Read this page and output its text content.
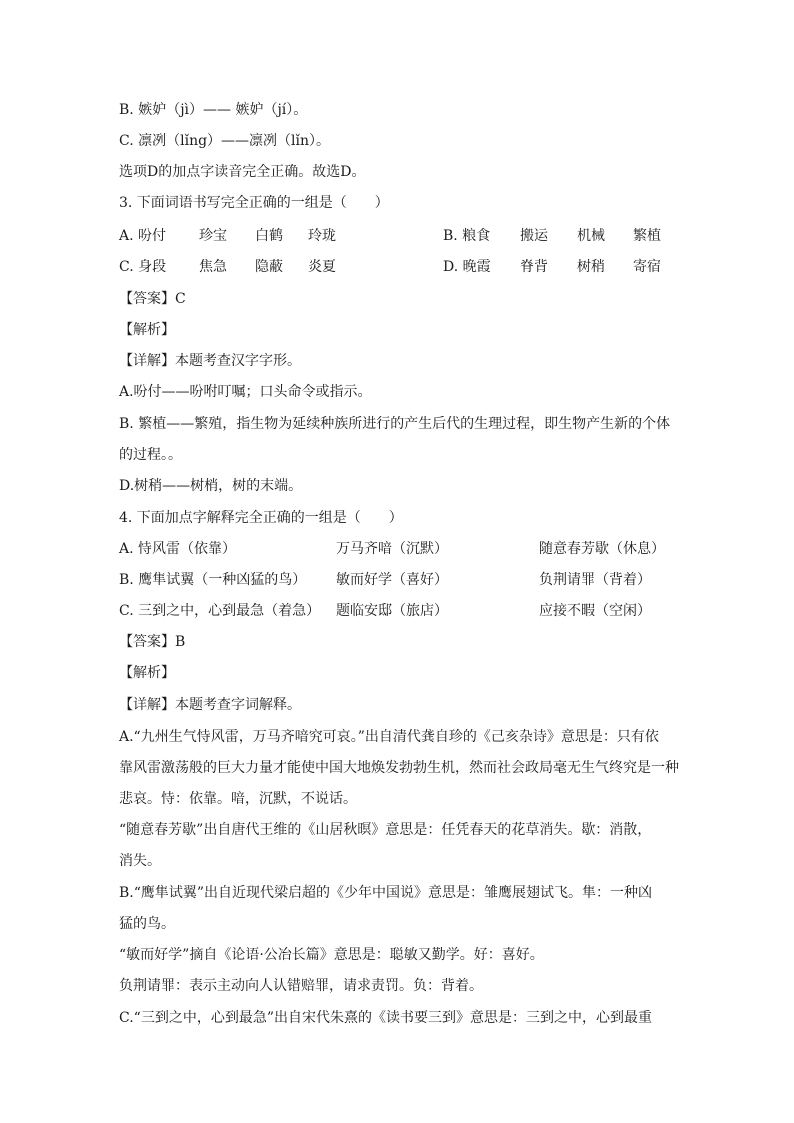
B. 嫉妒（jì）—— 嫉妒（jí）。
C. 凛冽（lǐng）——凛冽（lǐn）。
选项D的加点字读音完全正确。故选D。
3. 下面词语书写完全正确的一组是（　　）
A. 吩付 珍宝 白鹤 玲珑	B. 粮食 搬运 机械 繁植
C. 身段 焦急 隐蔽 炎夏	D. 晚霞 脊背 树稍 寄宿
【答案】C
【解析】
【详解】本题考查汉字字形。
A.吩付——吩咐叮嘱；口头命令或指示。
B. 繁植——繁殖，指生物为延续种族所进行的产生后代的生理过程，即生物产生新的个体
的过程。。
D.树稍——树梢，树的末端。
4. 下面加点字解释完全正确的一组是（　　）
A. 恃风雷（依靠）	万马齐喑（沉默）	随意春芳歇（休息）
B. 鹰隼试翼（一种凶猛的鸟） 敏而好学（喜好）	负荆请罪（背着）
C. 三到之中，心到最急（着急） 题临安邸（旅店）	应接不暇（空闲）
【答案】B
【解析】
【详解】本题考查字词解释。
A.“九州生气恃风雷，万马齐喑究可哀。”出自清代龚自珍的《己亥杂诗》意思是：只有依
靠风雷激荡般的巨大力量才能使中国大地焕发勃勃生机，然而社会政局毫无生气终究是一种
悲哀。恃：依靠。喑，沉默，不说话。
“随意春芳歇”出自唐代王维的《山居秋暝》意思是：任凭春天的花草消失。歇：消散，
消失。
B.“鹰隼试翼”出自近现代梁启超的《少年中国说》意思是：雏鹰展翅试飞。隼：一种凶
猛的鸟。
“敏而好学”摘自《论语·公冶长篇》意思是：聪敏又勤学。好：喜好。
负荆请罪：表示主动向人认错赔罪，请求责罚。负：背着。
C.“三到之中，心到最急”出自宋代朱熹的《读书要三到》意思是：三到之中，心到最重
